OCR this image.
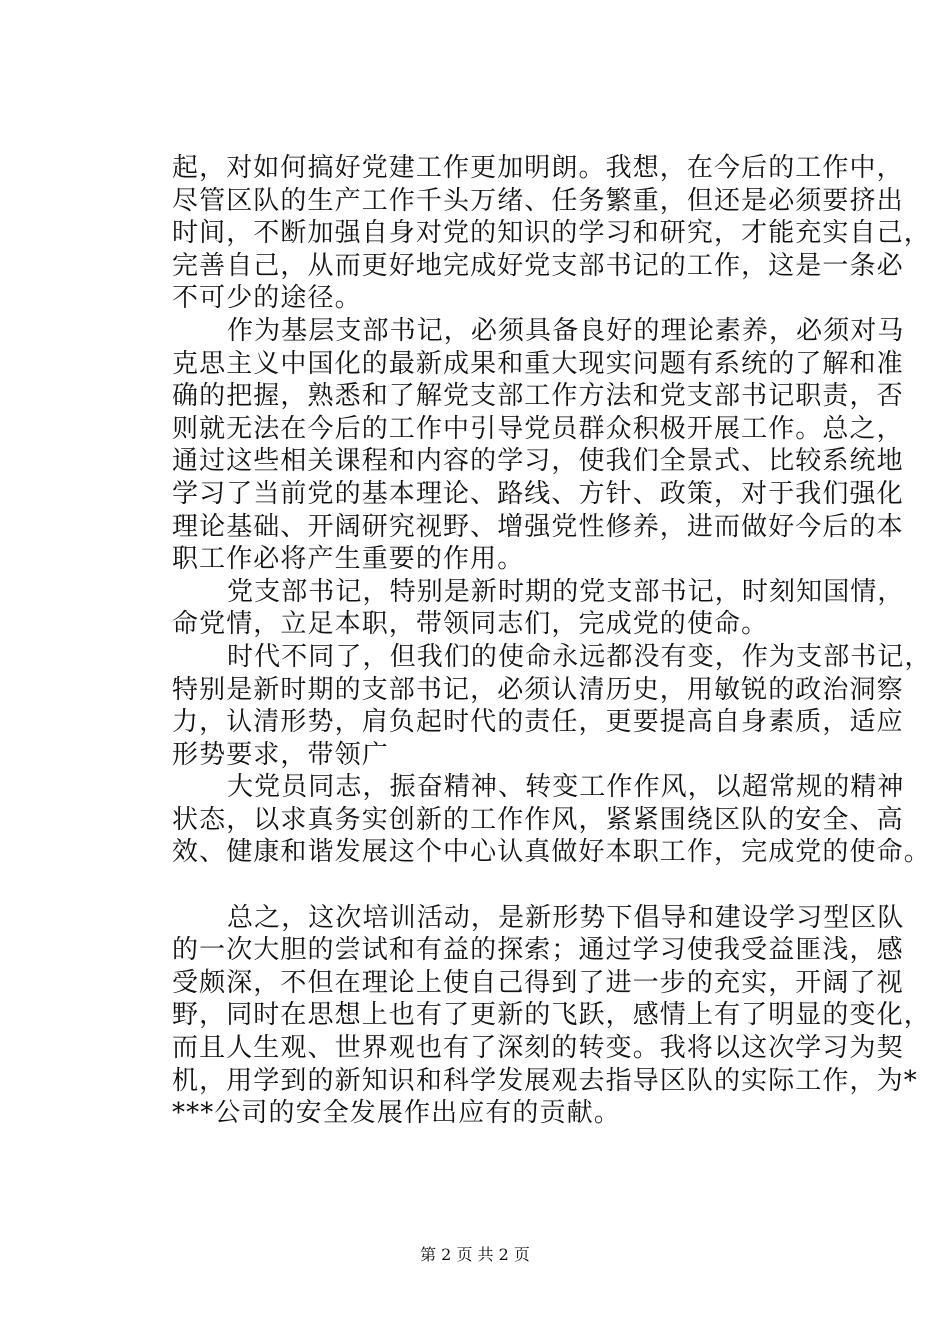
起，对如何搞好党建工作更加明朗。我想，在今后的工作中，
尽管区队的生产工作千头万绪、任务繁重，但还是必须要挤出
时间，不断加强自身对党的知识的学习和研究，才能充实自己，
完善自己，从而更好地完成好党支部书记的工作，这是一条必
不可少的途径。
作为基层支部书记，必须具备良好的理论素养，必须对马
克思主义中国化的最新成果和重大现实问题有系统的了解和准
确的把握，熟悉和了解党支部工作方法和党支部书记职责，否
则就无法在今后的工作中引导党员群众积极开展工作。总之，
通过这些相关课程和内容的学习，使我们全景式、比较系统地
学习了当前党的基本理论、路线、方针、政策，对于我们强化
理论基础、开阔研究视野、增强党性修养，进而做好今后的本
职工作必将产生重要的作用。
党支部书记，特别是新时期的党支部书记，时刻知国情，
命党情，立足本职，带领同志们，完成党的使命。
时代不同了，但我们的使命永远都没有变，作为支部书记，
特别是新时期的支部书记，必须认清历史，用敏锐的政治洞察
力，认清形势，肩负起时代的责任，更要提高自身素质，适应
形势要求，带领广
大党员同志，振奋精神、转变工作作风，以超常规的精神
状态，以求真务实创新的工作作风，紧紧围绕区队的安全、高
效、健康和谐发展这个中心认真做好本职工作，完成党的使命。
总之，这次培训活动，是新形势下倡导和建设学习型区队
的一次大胆的尝试和有益的探索；通过学习使我受益匪浅，感
受颇深，不但在理论上使自己得到了进一步的充实，开阔了视
野，同时在思想上也有了更新的飞跃，感情上有了明显的变化，
而且人生观、世界观也有了深刻的转变。我将以这次学习为契
机，用学到的新知识和科学发展观去指导区队的实际工作，为*
***公司的安全发展作出应有的贡献。
第 2 页 共 2 页
